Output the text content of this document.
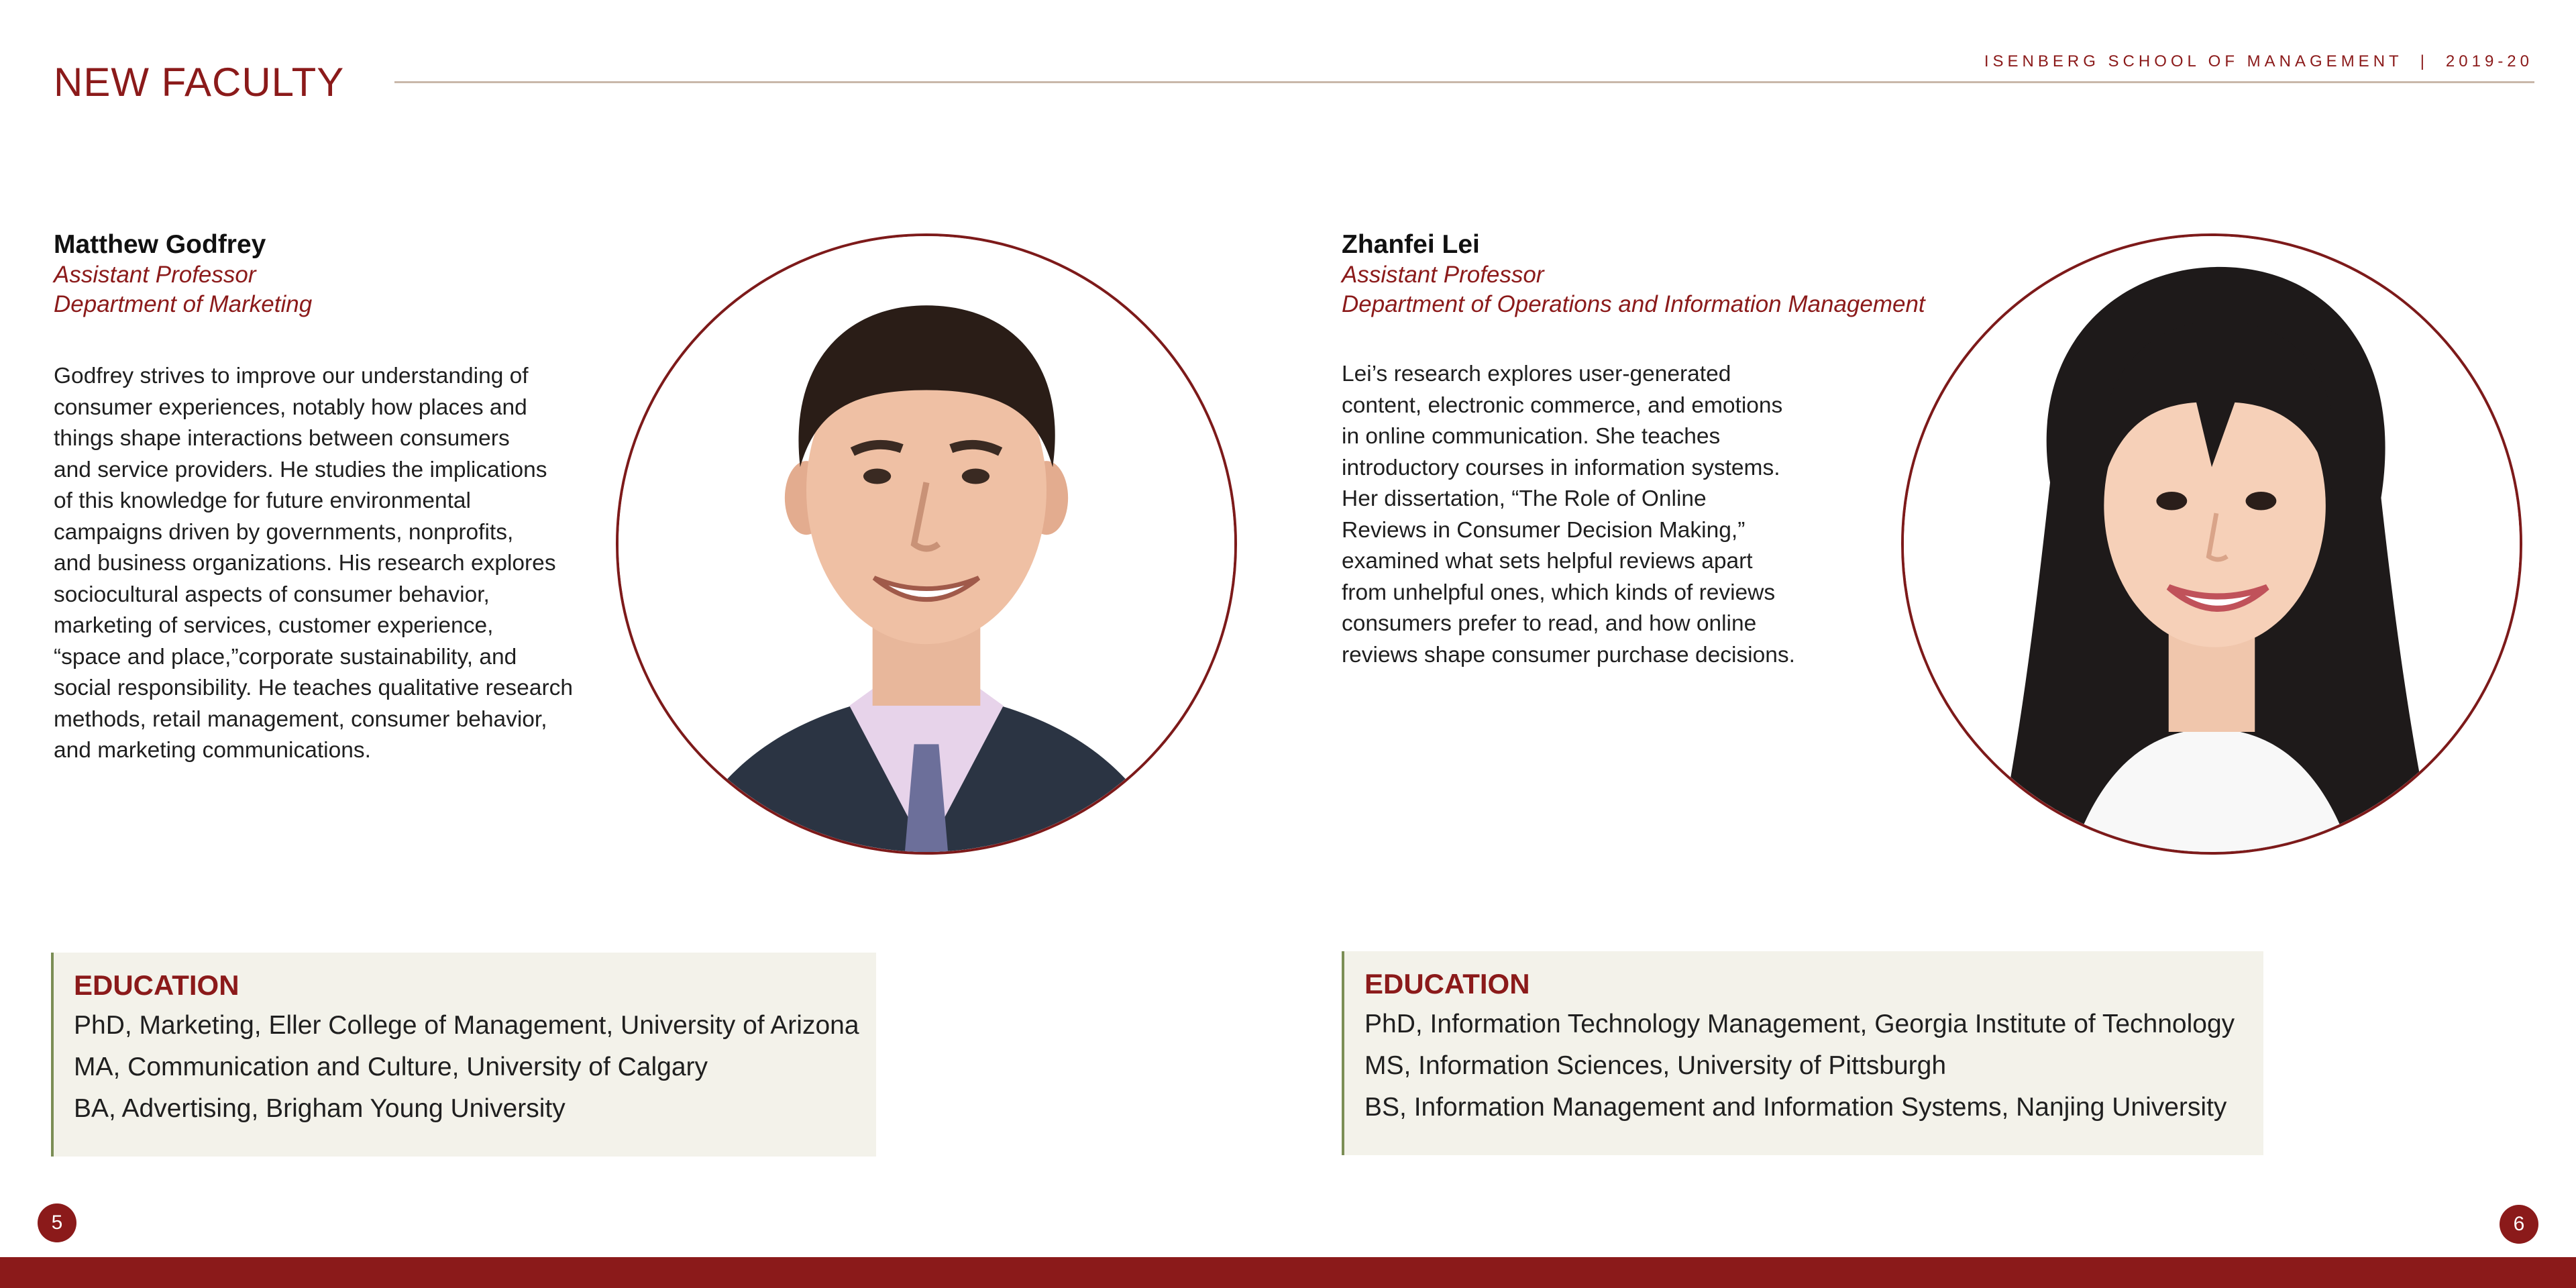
NEW FACULTY	ISENBERG SCHOOL OF MANAGEMENT | 2019-20
Matthew Godfrey
Assistant Professor
Department of Marketing
Godfrey strives to improve our understanding of
consumer experiences, notably how places and
things shape interactions between consumers
and service providers. He studies the implications
of this knowledge for future environmental
campaigns driven by governments, nonprofits,
and business organizations. His research explores
sociocultural aspects of consumer behavior,
marketing of services, customer experience,
“space and place,”corporate sustainability, and
social responsibility. He teaches qualitative research
methods, retail management, consumer behavior,
and marketing communications.
EDUCATION
PhD, Marketing, Eller College of Management, University of Arizona
MA, Communication and Culture, University of Calgary
BA, Advertising, Brigham Young University
Zhanfei Lei
Assistant Professor
Department of Operations and Information Management
Lei’s research explores user-generated
content, electronic commerce, and emotions
in online communication. She teaches
introductory courses in information systems.
Her dissertation, “The Role of Online
Reviews in Consumer Decision Making,”
examined what sets helpful reviews apart
from unhelpful ones, which kinds of reviews
consumers prefer to read, and how online
reviews shape consumer purchase decisions.
EDUCATION
PhD, Information Technology Management, Georgia Institute of Technology
MS, Information Sciences, University of Pittsburgh
BS, Information Management and Information Systems, Nanjing University
5	6
